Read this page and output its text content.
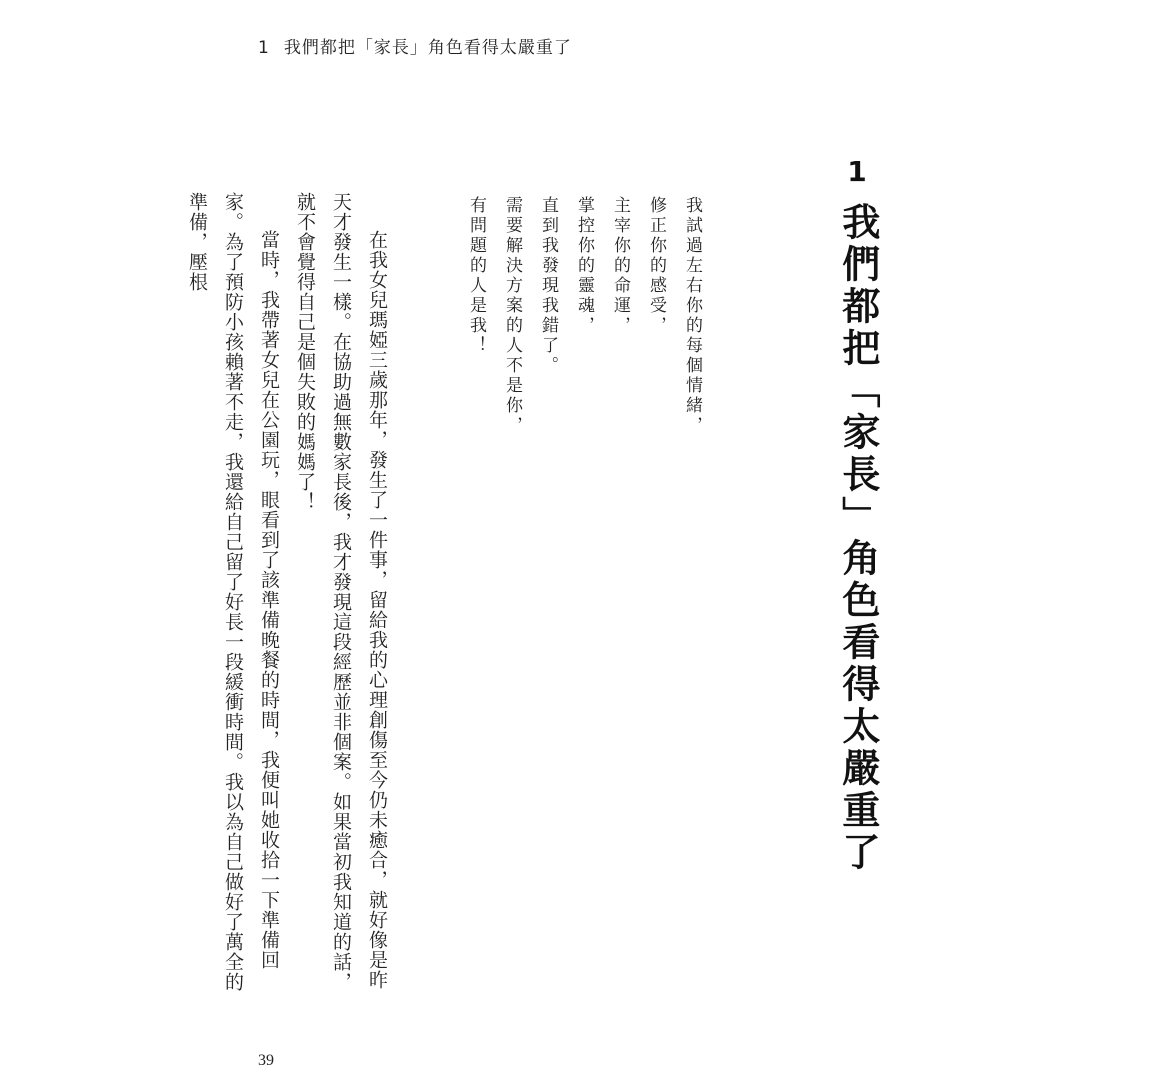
1 我們都把「家長」角色看得太嚴重了
1
我們都把「家長」角色看得太嚴重了
我試過左右你的每個情緒，
修正你的感受，
主宰你的命運，
掌控你的靈魂，
直到我發現我錯了。
需要解決方案的人不是你，
有問題的人是我！

在我女兒瑪婭三歲那年，發生了一件事，留給我的心理創傷至今仍未癒合，就好像是昨天才發生一樣。在協助過無數家長後，我才發現這段經歷並非個案。如果當初我知道的話，就不會覺得自己是個失敗的媽媽了！

當時，我帶著女兒在公園玩，眼看到了該準備晚餐的時間，我便叫她收拾一下準備回家。為了預防小孩賴著不走，我還給自己留了好長一段緩衝時間。我以為自己做好了萬全的準備，壓根

39
